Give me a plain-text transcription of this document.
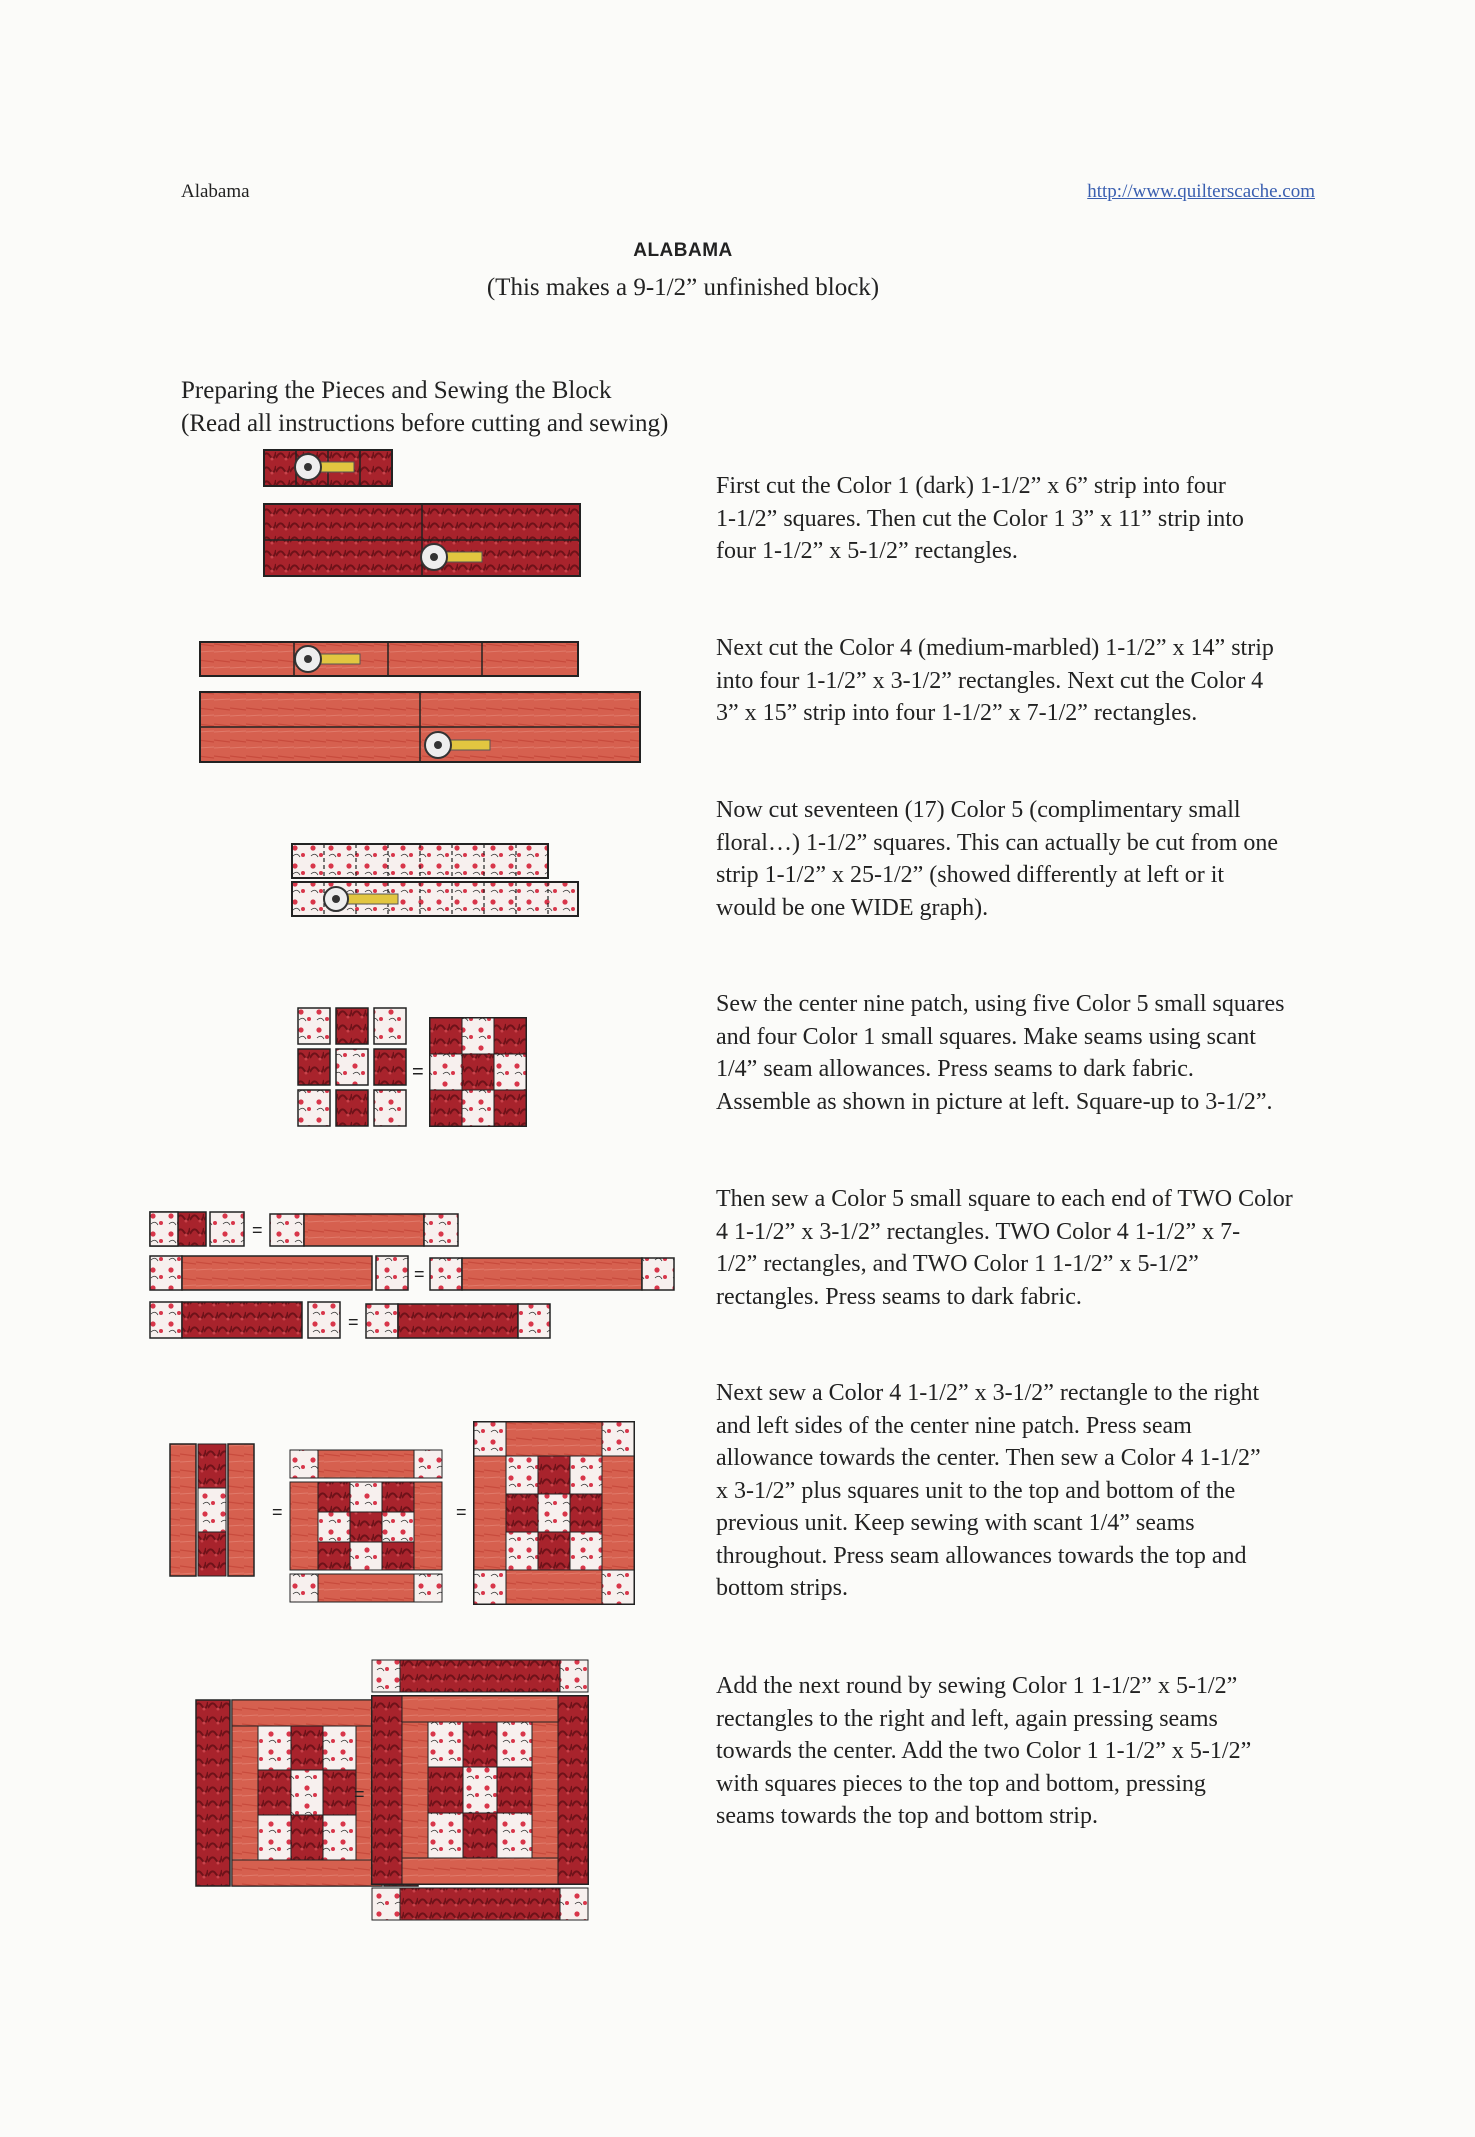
Alabama	http://www.quilterscache.com
ALABAMA
(This makes a 9-1/2” unfinished block)
Preparing the Pieces and Sewing the Block
(Read all instructions before cutting and sewing)
First cut the Color 1 (dark) 1-1/2” x 6” strip into four
1-1/2” squares. Then cut the Color 1 3” x 11” strip into
four 1-1/2” x 5-1/2” rectangles.
Next cut the Color 4 (medium-marbled) 1-1/2” x 14” strip
into four 1-1/2” x 3-1/2” rectangles. Next cut the Color 4
3” x 15” strip into four 1-1/2” x 7-1/2” rectangles.
Now cut seventeen (17) Color 5 (complimentary small
floral…) 1-1/2” squares. This can actually be cut from one
strip 1-1/2” x 25-1/2” (showed differently at left or it
would be one WIDE graph).
Sew the center nine patch, using five Color 5 small squares
and four Color 1 small squares. Make seams using scant
1/4” seam allowances. Press seams to dark fabric.
Assemble as shown in picture at left. Square-up to 3-1/2”.
Then sew a Color 5 small square to each end of TWO Color
4 1-1/2” x 3-1/2” rectangles. TWO Color 4 1-1/2” x 7-
1/2” rectangles, and TWO Color 1 1-1/2” x 5-1/2”
rectangles. Press seams to dark fabric.
Next sew a Color 4 1-1/2” x 3-1/2” rectangle to the right
and left sides of the center nine patch. Press seam
allowance towards the center. Then sew a Color 4 1-1/2”
x 3-1/2” plus squares unit to the top and bottom of the
previous unit. Keep sewing with scant 1/4” seams
throughout. Press seam allowances towards the top and
bottom strips.
Add the next round by sewing Color 1 1-1/2” x 5-1/2”
rectangles to the right and left, again pressing seams
towards the center. Add the two Color 1 1-1/2” x 5-1/2”
with squares pieces to the top and bottom, pressing
seams towards the top and bottom strip.
=
=
=
=
=	=
=
